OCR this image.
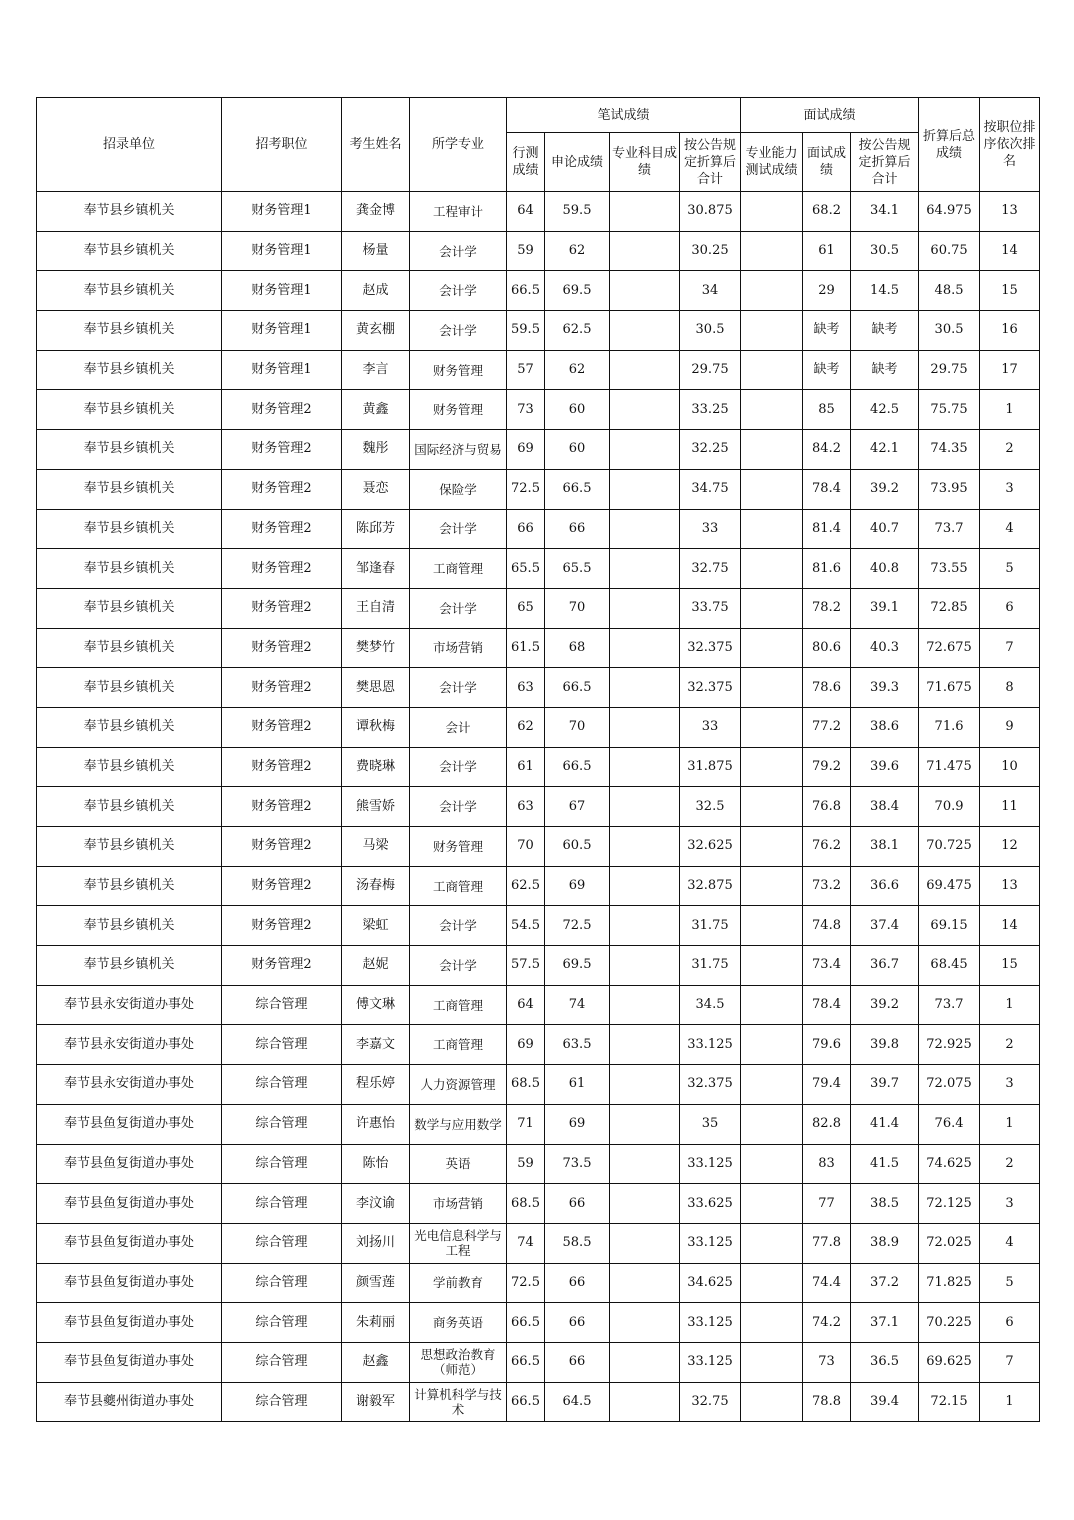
招录单位	招考职位	考生姓名	所学专业	笔试成绩				面试成绩			折算后总成绩	按职位排序依次排名
				行测成绩	申论成绩	专业科目成绩	按公告规定折算后合计	专业能力测试成绩	面试成绩	按公告规定折算后合计		
奉节县乡镇机关	财务管理1	龚金博	工程审计	64	59.5		30.875		68.2	34.1	64.975	13
奉节县乡镇机关	财务管理1	杨量	会计学	59	62		30.25		61	30.5	60.75	14
奉节县乡镇机关	财务管理1	赵成	会计学	66.5	69.5		34		29	14.5	48.5	15
奉节县乡镇机关	财务管理1	黄玄棚	会计学	59.5	62.5		30.5		缺考	缺考	30.5	16
奉节县乡镇机关	财务管理1	李言	财务管理	57	62		29.75		缺考	缺考	29.75	17
奉节县乡镇机关	财务管理2	黄鑫	财务管理	73	60		33.25		85	42.5	75.75	1
奉节县乡镇机关	财务管理2	魏彤	国际经济与贸易	69	60		32.25		84.2	42.1	74.35	2
奉节县乡镇机关	财务管理2	聂恋	保险学	72.5	66.5		34.75		78.4	39.2	73.95	3
奉节县乡镇机关	财务管理2	陈邱芳	会计学	66	66		33		81.4	40.7	73.7	4
奉节县乡镇机关	财务管理2	邹逢春	工商管理	65.5	65.5		32.75		81.6	40.8	73.55	5
奉节县乡镇机关	财务管理2	王自清	会计学	65	70		33.75		78.2	39.1	72.85	6
奉节县乡镇机关	财务管理2	樊梦竹	市场营销	61.5	68		32.375		80.6	40.3	72.675	7
奉节县乡镇机关	财务管理2	樊思恩	会计学	63	66.5		32.375		78.6	39.3	71.675	8
奉节县乡镇机关	财务管理2	谭秋梅	会计	62	70		33		77.2	38.6	71.6	9
奉节县乡镇机关	财务管理2	费晓琳	会计学	61	66.5		31.875		79.2	39.6	71.475	10
奉节县乡镇机关	财务管理2	熊雪娇	会计学	63	67		32.5		76.8	38.4	70.9	11
奉节县乡镇机关	财务管理2	马梁	财务管理	70	60.5		32.625		76.2	38.1	70.725	12
奉节县乡镇机关	财务管理2	汤春梅	工商管理	62.5	69		32.875		73.2	36.6	69.475	13
奉节县乡镇机关	财务管理2	梁虹	会计学	54.5	72.5		31.75		74.8	37.4	69.15	14
奉节县乡镇机关	财务管理2	赵妮	会计学	57.5	69.5		31.75		73.4	36.7	68.45	15
奉节县永安街道办事处	综合管理	傅文琳	工商管理	64	74		34.5		78.4	39.2	73.7	1
奉节县永安街道办事处	综合管理	李嘉文	工商管理	69	63.5		33.125		79.6	39.8	72.925	2
奉节县永安街道办事处	综合管理	程乐婷	人力资源管理	68.5	61		32.375		79.4	39.7	72.075	3
奉节县鱼复街道办事处	综合管理	许惠怡	数学与应用数学	71	69		35		82.8	41.4	76.4	1
奉节县鱼复街道办事处	综合管理	陈怡	英语	59	73.5		33.125		83	41.5	74.625	2
奉节县鱼复街道办事处	综合管理	李汶谕	市场营销	68.5	66		33.625		77	38.5	72.125	3
奉节县鱼复街道办事处	综合管理	刘扬川	光电信息科学与工程	74	58.5		33.125		77.8	38.9	72.025	4
奉节县鱼复街道办事处	综合管理	颜雪莲	学前教育	72.5	66		34.625		74.4	37.2	71.825	5
奉节县鱼复街道办事处	综合管理	朱莉丽	商务英语	66.5	66		33.125		74.2	37.1	70.225	6
奉节县鱼复街道办事处	综合管理	赵鑫	思想政治教育（师范）	66.5	66		33.125		73	36.5	69.625	7
奉节县夔州街道办事处	综合管理	谢毅军	计算机科学与技术	66.5	64.5		32.75		78.8	39.4	72.15	1
